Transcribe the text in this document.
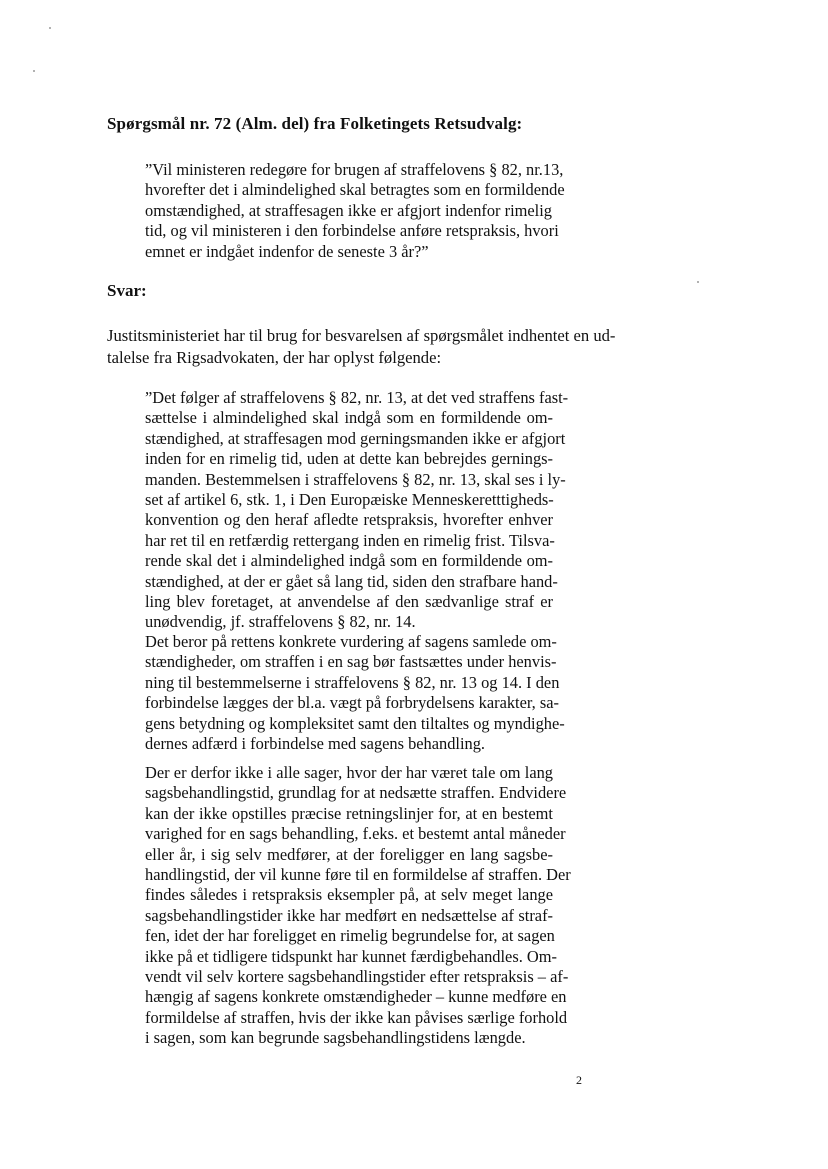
Spørgsmål nr. 72 (Alm. del) fra Folketingets Retsudvalg:
”Vil ministeren redegøre for brugen af straffelovens § 82, nr.13,
hvorefter det i almindelighed skal betragtes som en formildende
omstændighed, at straffesagen ikke er afgjort indenfor rimelig
tid, og vil ministeren i den forbindelse anføre retspraksis, hvori
emnet er indgået indenfor de seneste 3 år?”
Svar:
Justitsministeriet har til brug for besvarelsen af spørgsmålet indhentet en ud-
talelse fra Rigsadvokaten, der har oplyst følgende:
”Det følger af straffelovens § 82, nr. 13, at det ved straffens fast-
sættelse i almindelighed skal indgå som en formildende om-
stændighed, at straffesagen mod gerningsmanden ikke er afgjort
inden for en rimelig tid, uden at dette kan bebrejdes gernings-
manden. Bestemmelsen i straffelovens § 82, nr. 13, skal ses i ly-
set af artikel 6, stk. 1, i Den Europæiske Menneskeretttigheds-
konvention og den heraf afledte retspraksis, hvorefter enhver
har ret til en retfærdig rettergang inden en rimelig frist. Tilsva-
rende skal det i almindelighed indgå som en formildende om-
stændighed, at der er gået så lang tid, siden den strafbare hand-
ling blev foretaget, at anvendelse af den sædvanlige straf er
unødvendig, jf. straffelovens § 82, nr. 14.
Det beror på rettens konkrete vurdering af sagens samlede om-
stændigheder, om straffen i en sag bør fastsættes under henvis-
ning til bestemmelserne i straffelovens § 82, nr. 13 og 14. I den
forbindelse lægges der bl.a. vægt på forbrydelsens karakter, sa-
gens betydning og kompleksitet samt den tiltaltes og myndighe-
dernes adfærd i forbindelse med sagens behandling.
Der er derfor ikke i alle sager, hvor der har været tale om lang
sagsbehandlingstid, grundlag for at nedsætte straffen. Endvidere
kan der ikke opstilles præcise retningslinjer for, at en bestemt
varighed for en sags behandling, f.eks. et bestemt antal måneder
eller år, i sig selv medfører, at der foreligger en lang sagsbe-
handlingstid, der vil kunne føre til en formildelse af straffen. Der
findes således i retspraksis eksempler på, at selv meget lange
sagsbehandlingstider ikke har medført en nedsættelse af straf-
fen, idet der har foreligget en rimelig begrundelse for, at sagen
ikke på et tidligere tidspunkt har kunnet færdigbehandles. Om-
vendt vil selv kortere sagsbehandlingstider efter retspraksis – af-
hængig af sagens konkrete omstændigheder – kunne medføre en
formildelse af straffen, hvis der ikke kan påvises særlige forhold
i sagen, som kan begrunde sagsbehandlingstidens længde.
2
